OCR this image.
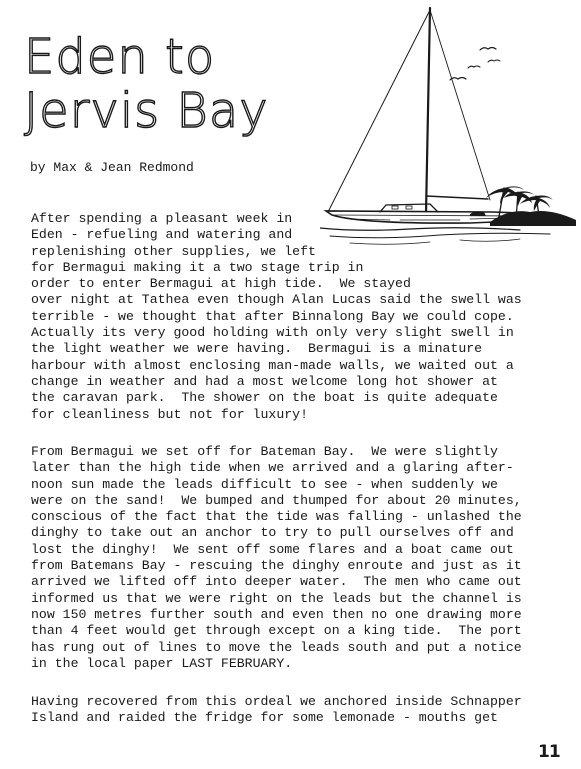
Eden to
Jervis Bay

by Max & Jean Redmond

After spending a pleasant week in
Eden - refueling and watering and
replenishing other supplies, we left
for Bermagui making it a two stage trip in
order to enter Bermagui at high tide.  We stayed
over night at Tathea even though Alan Lucas said the swell was
terrible - we thought that after Binnalong Bay we could cope.
Actually its very good holding with only very slight swell in
the light weather we were having.  Bermagui is a minature
harbour with almost enclosing man-made walls, we waited out a
change in weather and had a most welcome long hot shower at
the caravan park.  The shower on the boat is quite adequate
for cleanliness but not for luxury!

From Bermagui we set off for Bateman Bay.  We were slightly
later than the high tide when we arrived and a glaring after-
noon sun made the leads difficult to see - when suddenly we
were on the sand!  We bumped and thumped for about 20 minutes,
conscious of the fact that the tide was falling - unlashed the
dinghy to take out an anchor to try to pull ourselves off and
lost the dinghy!  We sent off some flares and a boat came out
from Batemans Bay - rescuing the dinghy enroute and just as it
arrived we lifted off into deeper water.  The men who came out
informed us that we were right on the leads but the channel is
now 150 metres further south and even then no one drawing more
than 4 feet would get through except on a king tide.  The port
has rung out of lines to move the leads south and put a notice
in the local paper LAST FEBRUARY.

Having recovered from this ordeal we anchored inside Schnapper
Island and raided the fridge for some lemonade - mouths get

11
